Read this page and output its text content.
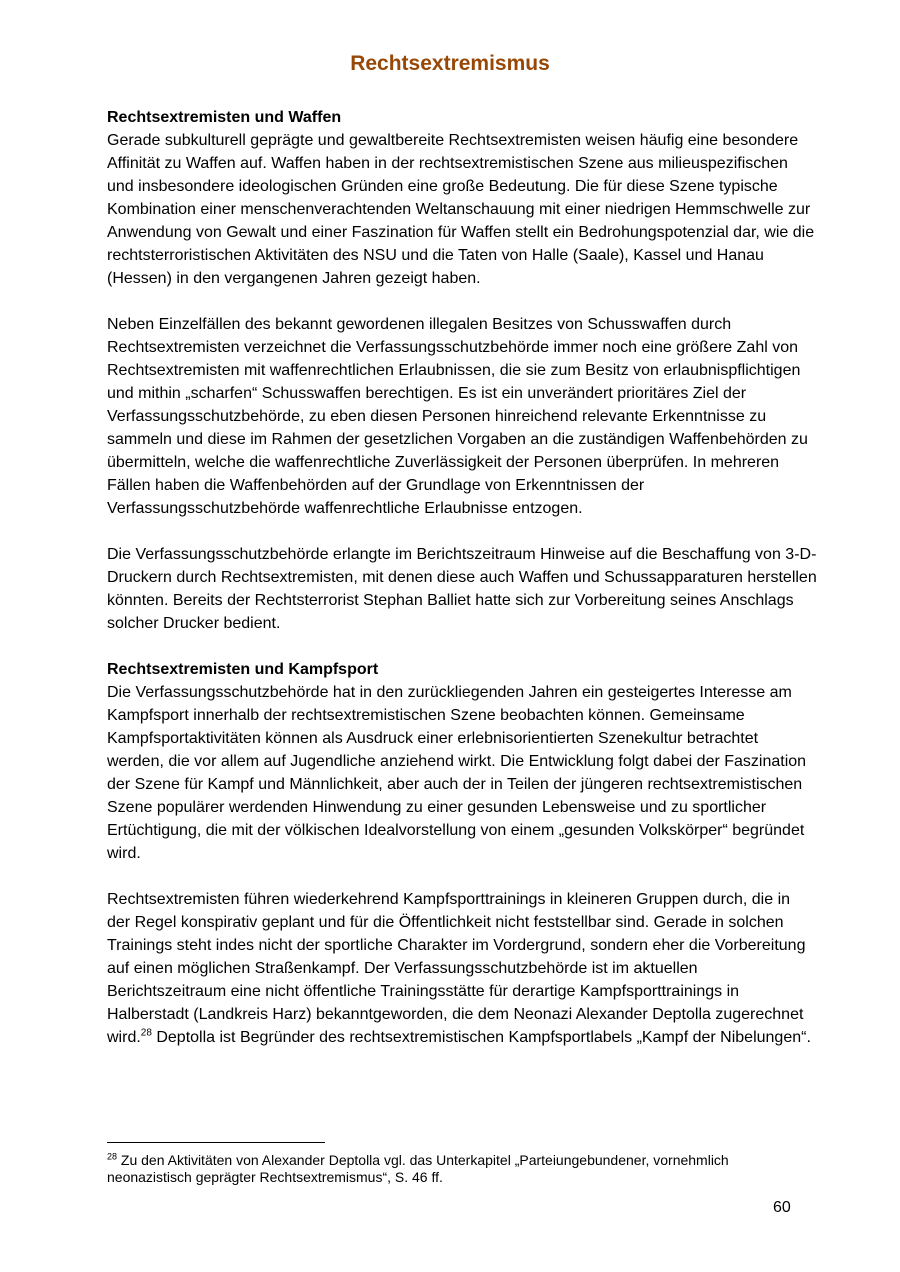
Rechtsextremismus
Rechtsextremisten und Waffen

Gerade subkulturell geprägte und gewaltbereite Rechtsextremisten weisen häufig eine besondere Affinität zu Waffen auf. Waffen haben in der rechtsextremistischen Szene aus milieuspezifischen und insbesondere ideologischen Gründen eine große Bedeutung. Die für diese Szene typische Kombination einer menschenverachtenden Weltanschauung mit einer niedrigen Hemmschwelle zur Anwendung von Gewalt und einer Faszination für Waffen stellt ein Bedrohungspotenzial dar, wie die rechtsterroristischen Aktivitäten des NSU und die Taten von Halle (Saale), Kassel und Hanau (Hessen) in den vergangenen Jahren gezeigt haben.

Neben Einzelfällen des bekannt gewordenen illegalen Besitzes von Schusswaffen durch Rechtsextremisten verzeichnet die Verfassungsschutzbehörde immer noch eine größere Zahl von Rechtsextremisten mit waffenrechtlichen Erlaubnissen, die sie zum Besitz von erlaubnispflichtigen und mithin „scharfen“ Schusswaffen berechtigen. Es ist ein unverändert prioritäres Ziel der Verfassungsschutzbehörde, zu eben diesen Personen hinreichend relevante Erkenntnisse zu sammeln und diese im Rahmen der gesetzlichen Vorgaben an die zuständigen Waffenbehörden zu übermitteln, welche die waffenrechtliche Zuverlässigkeit der Personen überprüfen. In mehreren Fällen haben die Waffenbehörden auf der Grundlage von Erkenntnissen der Verfassungsschutzbehörde waffenrechtliche Erlaubnisse entzogen.

Die Verfassungsschutzbehörde erlangte im Berichtszeitraum Hinweise auf die Beschaffung von 3-D-Druckern durch Rechtsextremisten, mit denen diese auch Waffen und Schussapparaturen herstellen könnten. Bereits der Rechtsterrorist Stephan Balliet hatte sich zur Vorbereitung seines Anschlags solcher Drucker bedient.

Rechtsextremisten und Kampfsport

Die Verfassungsschutzbehörde hat in den zurückliegenden Jahren ein gesteigertes Interesse am Kampfsport innerhalb der rechtsextremistischen Szene beobachten können. Gemeinsame Kampfsportaktivitäten können als Ausdruck einer erlebnisorientierten Szenekultur betrachtet werden, die vor allem auf Jugendliche anziehend wirkt. Die Entwicklung folgt dabei der Faszination der Szene für Kampf und Männlichkeit, aber auch der in Teilen der jüngeren rechtsextremistischen Szene populärer werdenden Hinwendung zu einer gesunden Lebensweise und zu sportlicher Ertüchtigung, die mit der völkischen Idealvorstellung von einem „gesunden Volkskörper“ begründet wird.

Rechtsextremisten führen wiederkehrend Kampfsporttrainings in kleineren Gruppen durch, die in der Regel konspirativ geplant und für die Öffentlichkeit nicht feststellbar sind. Gerade in solchen Trainings steht indes nicht der sportliche Charakter im Vordergrund, sondern eher die Vorbereitung auf einen möglichen Straßenkampf. Der Verfassungsschutzbehörde ist im aktuellen Berichtszeitraum eine nicht öffentliche Trainingsstätte für derartige Kampfsporttrainings in Halberstadt (Landkreis Harz) bekanntgeworden, die dem Neonazi Alexander Deptolla zugerechnet wird.$^{28}$ Deptolla ist Begründer des rechtsextremistischen Kampfsportlabels „Kampf der Nibelungen“.

$^{28}$ Zu den Aktivitäten von Alexander Deptolla vgl. das Unterkapitel „Parteiungebundener, vornehmlich neonazistisch geprägter Rechtsextremismus“, S. 46 ff.

60
